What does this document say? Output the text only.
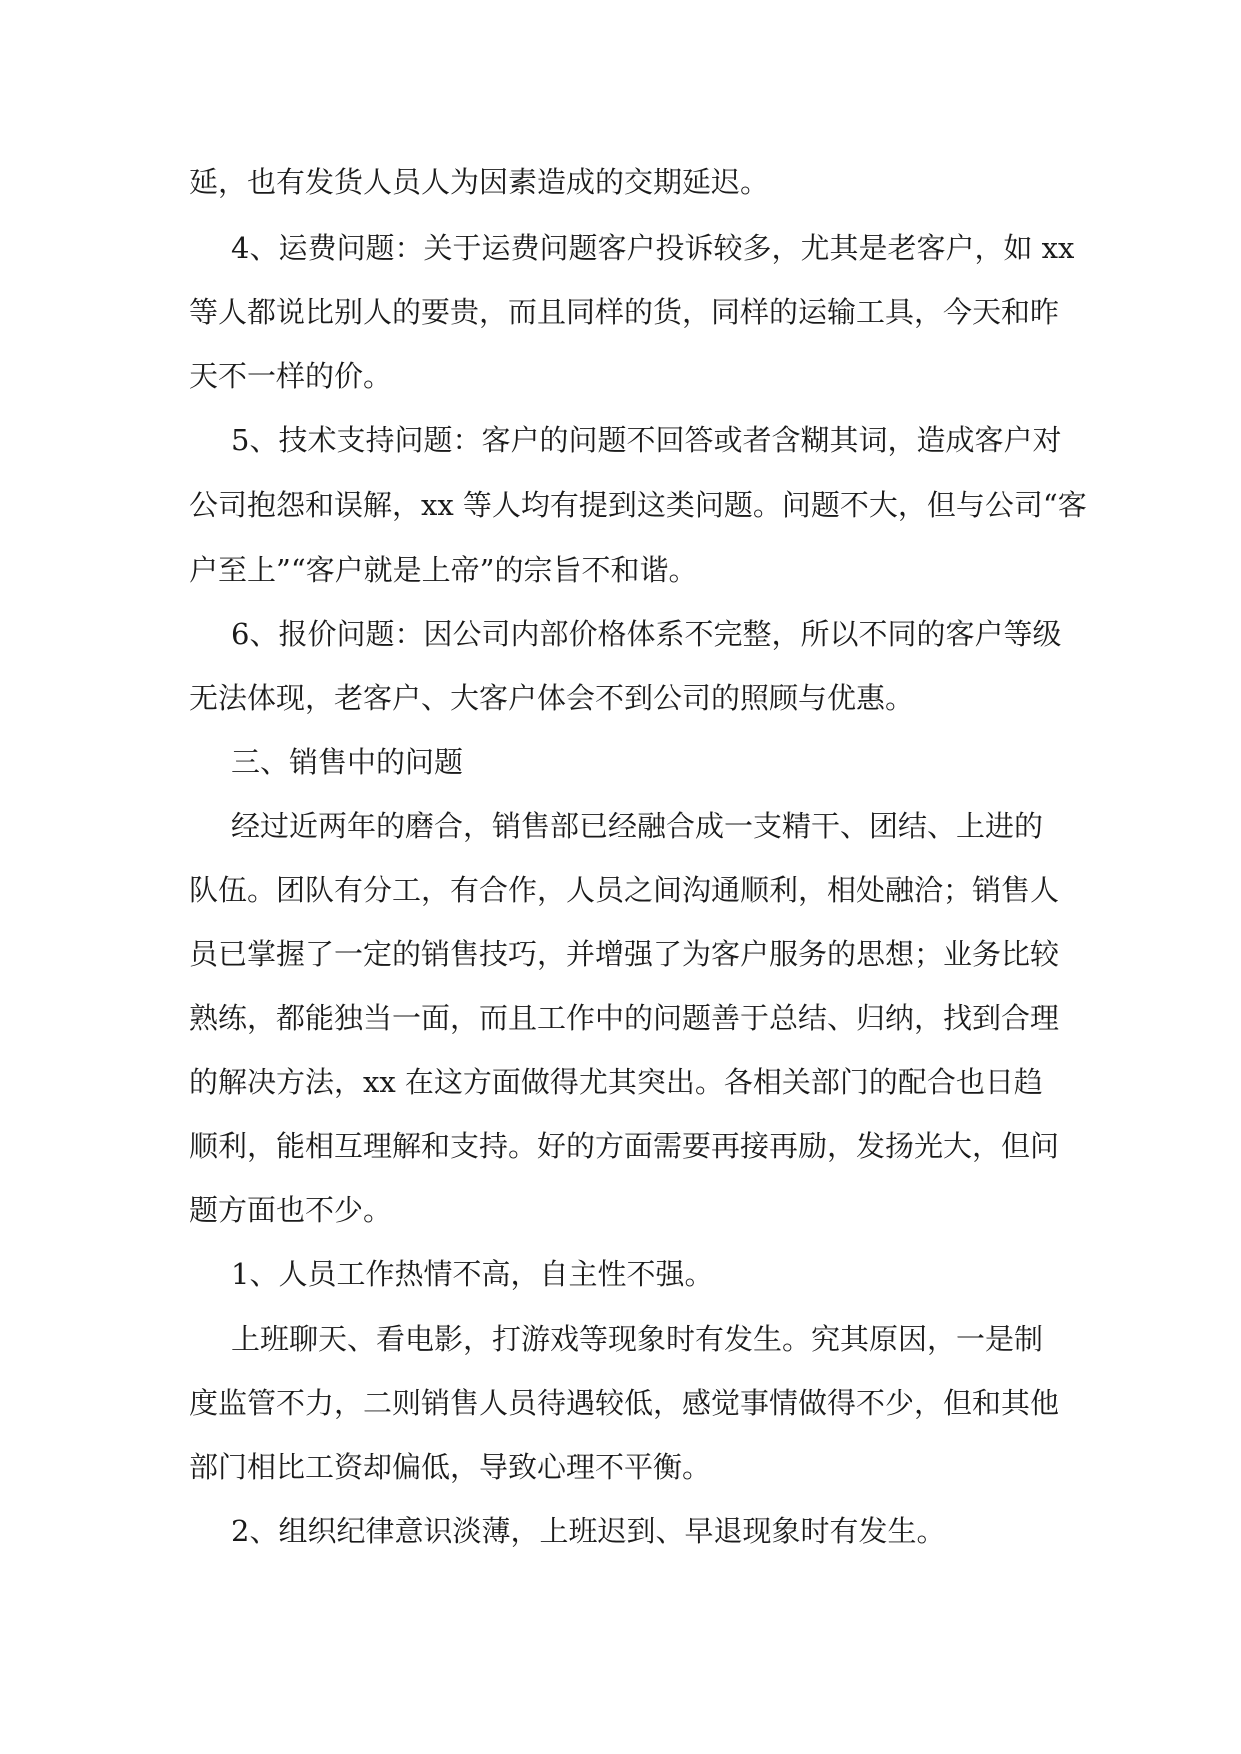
延，也有发货人员人为因素造成的交期延迟。
4、运费问题：关于运费问题客户投诉较多，尤其是老客户，如 xx
等人都说比别人的要贵，而且同样的货，同样的运输工具，今天和昨
天不一样的价。
5、技术支持问题：客户的问题不回答或者含糊其词，造成客户对
公司抱怨和误解，xx 等人均有提到这类问题。问题不大，但与公司“客
户至上”“客户就是上帝”的宗旨不和谐。
6、报价问题：因公司内部价格体系不完整，所以不同的客户等级
无法体现，老客户、大客户体会不到公司的照顾与优惠。
三、销售中的问题
经过近两年的磨合，销售部已经融合成一支精干、团结、上进的
队伍。团队有分工，有合作，人员之间沟通顺利，相处融洽；销售人
员已掌握了一定的销售技巧，并增强了为客户服务的思想；业务比较
熟练，都能独当一面，而且工作中的问题善于总结、归纳，找到合理
的解决方法，xx 在这方面做得尤其突出。各相关部门的配合也日趋
顺利，能相互理解和支持。好的方面需要再接再励，发扬光大，但问
题方面也不少。
1、人员工作热情不高，自主性不强。
上班聊天、看电影，打游戏等现象时有发生。究其原因，一是制
度监管不力，二则销售人员待遇较低，感觉事情做得不少，但和其他
部门相比工资却偏低，导致心理不平衡。
2、组织纪律意识淡薄，上班迟到、早退现象时有发生。
